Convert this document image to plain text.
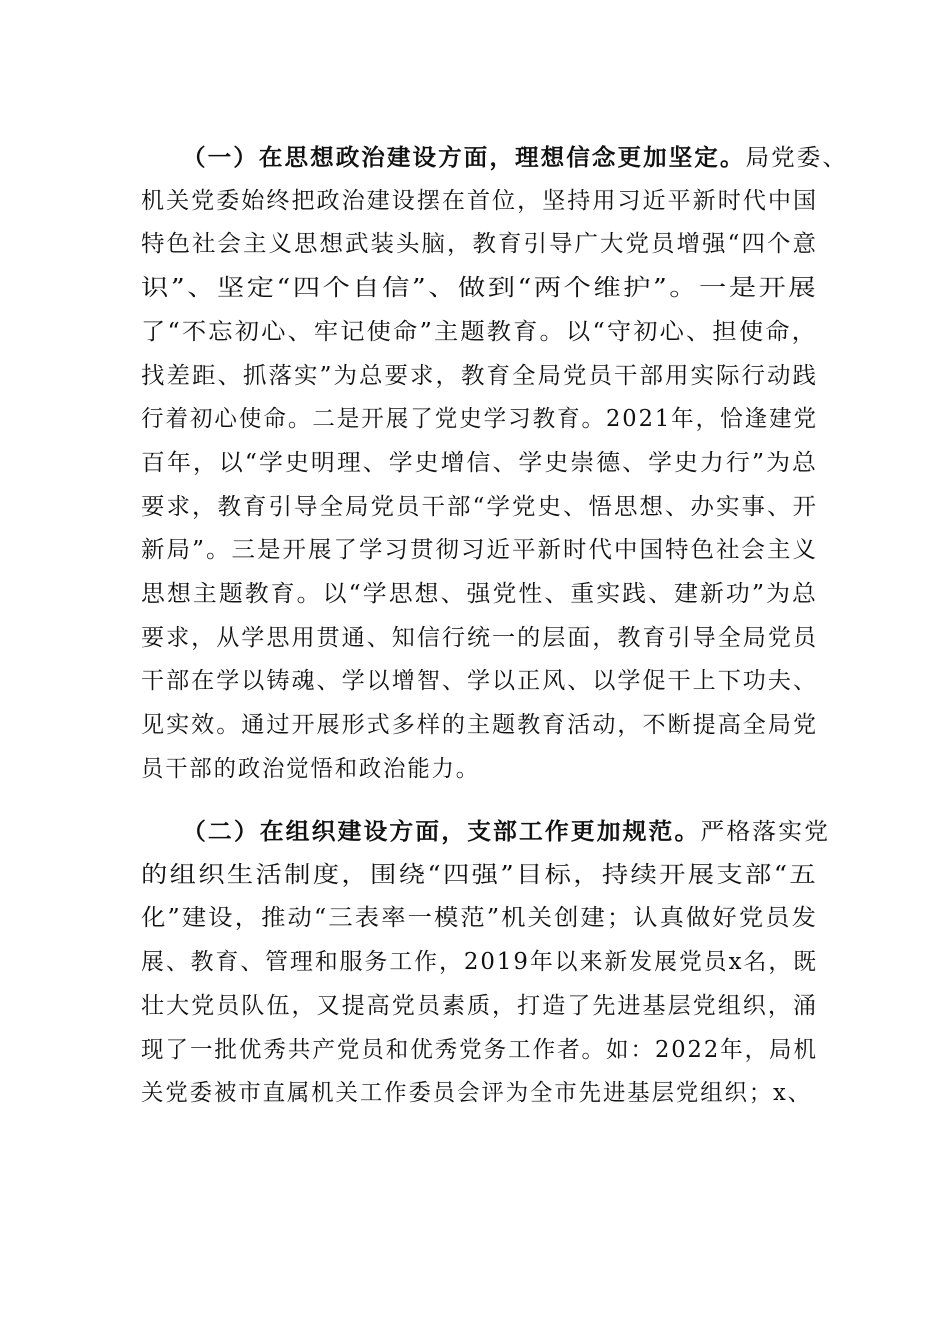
（一）在思想政治建设方面，理想信念更加坚定。局党委、
机关党委始终把政治建设摆在首位，坚持用习近平新时代中国
特色社会主义思想武装头脑，教育引导广大党员增强“四个意
识”、坚定“四个自信”、做到“两个维护”。一是开展
了“不忘初心、牢记使命”主题教育。以“守初心、担使命，
找差距、抓落实”为总要求，教育全局党员干部用实际行动践
行着初心使命。二是开展了党史学习教育。2021年，恰逢建党
百年，以“学史明理、学史增信、学史崇德、学史力行”为总
要求，教育引导全局党员干部“学党史、悟思想、办实事、开
新局”。三是开展了学习贯彻习近平新时代中国特色社会主义
思想主题教育。以“学思想、强党性、重实践、建新功”为总
要求，从学思用贯通、知信行统一的层面，教育引导全局党员
干部在学以铸魂、学以增智、学以正风、以学促干上下功夫、
见实效。通过开展形式多样的主题教育活动，不断提高全局党
员干部的政治觉悟和政治能力。
（二）在组织建设方面，支部工作更加规范。严格落实党
的组织生活制度，围绕“四强”目标，持续开展支部“五
化”建设，推动“三表率一模范”机关创建；认真做好党员发
展、教育、管理和服务工作，2019年以来新发展党员x名，既
壮大党员队伍，又提高党员素质，打造了先进基层党组织，涌
现了一批优秀共产党员和优秀党务工作者。如：2022年，局机
关党委被市直属机关工作委员会评为全市先进基层党组织；x、
